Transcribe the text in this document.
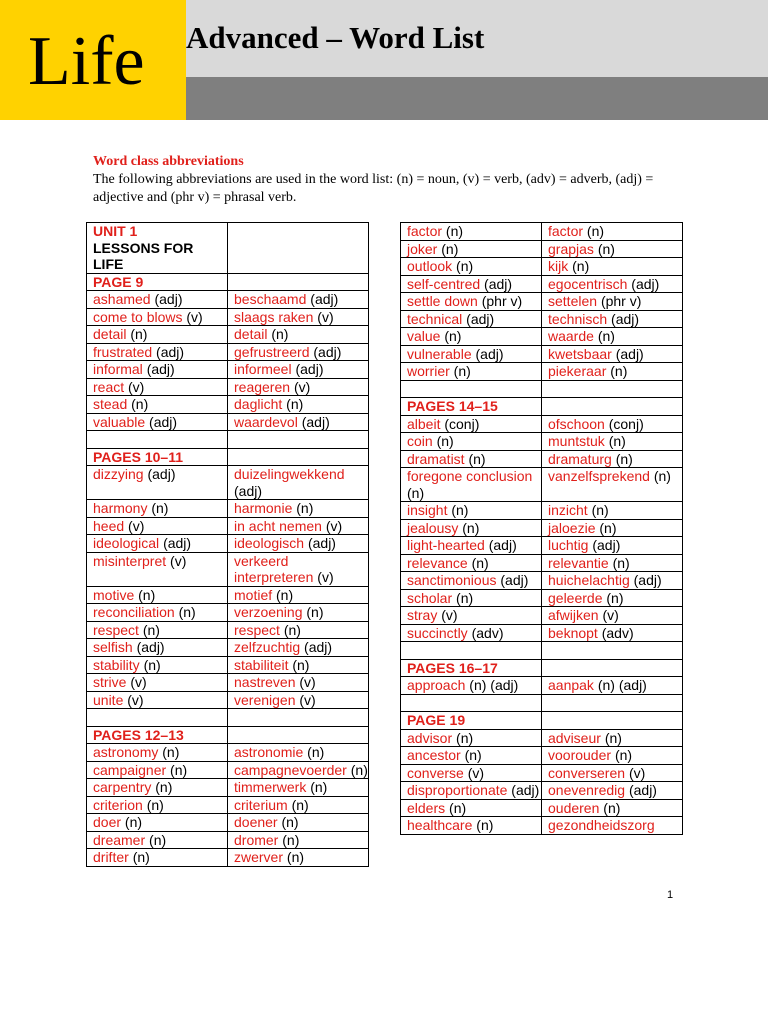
Advanced – Word List
Life
Word class abbreviations
The following abbreviations are used in the word list: (n) = noun, (v) = verb, (adv) = adverb, (adj) = adjective and (phr v) = phrasal verb.
UNIT 1
LESSONS FOR LIFE	

PAGE 9	
ashamed (adj)	beschaamd (adj)
come to blows (v)	slaags raken (v)
detail (n)	detail (n)
frustrated (adj)	gefrustreerd (adj)
informal (adj)	informeel (adj)
react (v)	reageren (v)
stead (n)	daglicht (n)
valuable (adj)	waardevol (adj)

PAGES 10–11	
dizzying (adj)	duizelingwekkend (adj)
harmony (n)	harmonie (n)
heed (v)	in acht nemen (v)
ideological (adj)	ideologisch (adj)
misinterpret (v)	verkeerd interpreteren (v)
motive (n)	motief (n)
reconciliation (n)	verzoening (n)
respect (n)	respect (n)
selfish (adj)	zelfzuchtig (adj)
stability (n)	stabiliteit (n)
strive (v)	nastreven (v)
unite (v)	verenigen (v)

PAGES 12–13	
astronomy (n)	astronomie (n)
campaigner (n)	campagnevoerder (n)
carpentry (n)	timmerwerk (n)
criterion (n)	criterium (n)
doer (n)	doener (n)
dreamer (n)	dromer (n)
drifter (n)	zwerver (n)
factor (n)	factor (n)
joker (n)	grapjas (n)
outlook (n)	kijk (n)
self-centred (adj)	egocentrisch (adj)
settle down (phr v)	settelen (phr v)
technical (adj)	technisch (adj)
value (n)	waarde (n)
vulnerable (adj)	kwetsbaar (adj)
worrier (n)	piekeraar (n)

PAGES 14–15	
albeit (conj)	ofschoon (conj)
coin (n)	muntstuk (n)
dramatist (n)	dramaturg (n)
foregone conclusion (n)	vanzelfsprekend (n)
insight (n)	inzicht (n)
jealousy (n)	jaloezie (n)
light-hearted (adj)	luchtig (adj)
relevance (n)	relevantie (n)
sanctimonious (adj)	huichelachtig (adj)
scholar (n)	geleerde (n)
stray (v)	afwijken (v)
succinctly (adv)	beknopt (adv)

PAGES 16–17	
approach (n) (adj)	aanpak (n) (adj)

PAGE 19	
advisor (n)	adviseur (n)
ancestor (n)	voorouder (n)
converse (v)	converseren (v)
disproportionate (adj)	onevenredig (adj)
elders (n)	ouderen (n)
healthcare (n)	gezondheidszorg
1
